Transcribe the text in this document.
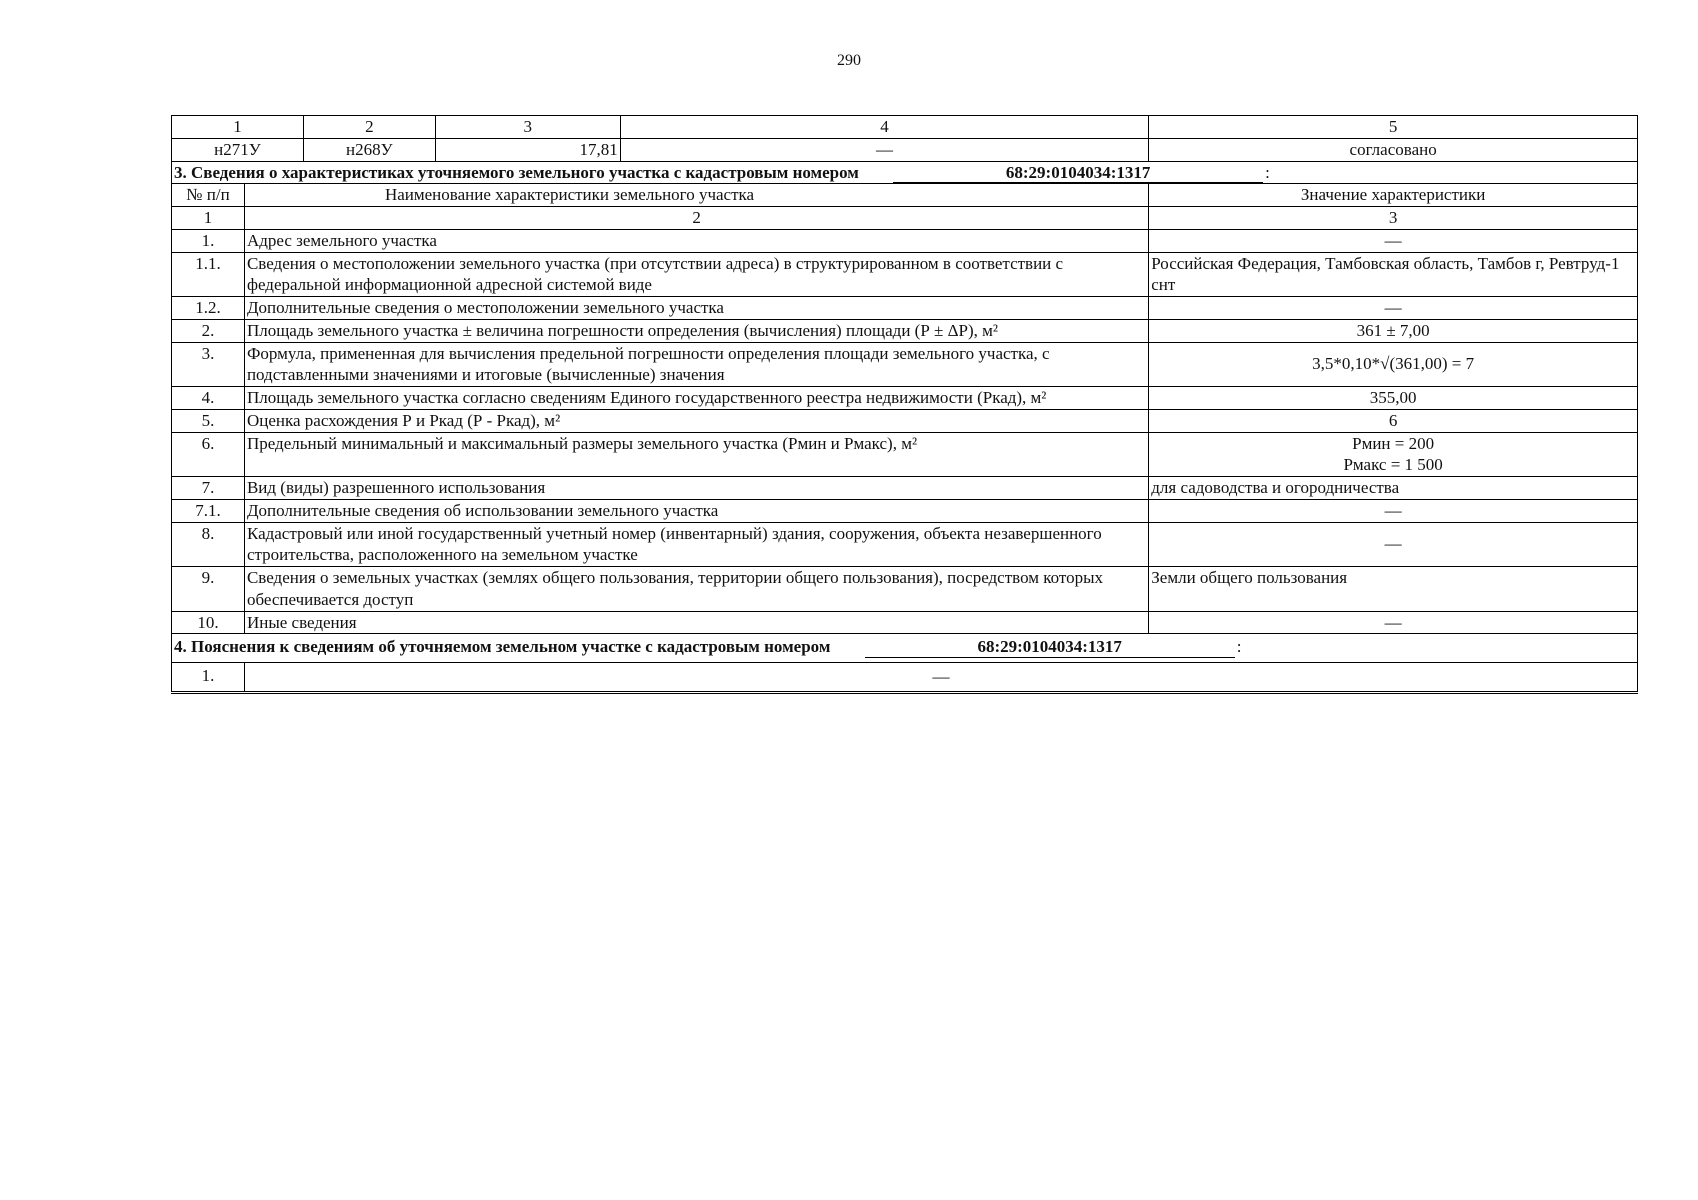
290
1		2	3	4	5
н271У		н268У	17,81	—	согласовано
3. Сведения о характеристиках уточняемого земельного участка с кадастровым номером 68:29:0104034:1317 :					
№ п/п	Наименование характеристики земельного участка				Значение характеристики
1	2				3
1.	Адрес земельного участка				—
1.1.	Сведения о местоположении земельного участка (при отсутствии адреса) в структурированном в соответствии с федеральной информационной адресной системой виде				Российская Федерация, Тамбовская область, Тамбов г, Ревтруд-1 снт
1.2.	Дополнительные сведения о местоположении земельного участка				—
2.	Площадь земельного участка ± величина погрешности определения (вычисления) площади (Р ± ΔР), м²				361 ± 7,00
3.	Формула, примененная для вычисления предельной погрешности определения площади земельного участка, с подставленными значениями и итоговые (вычисленные) значения				3,5*0,10*√(361,00) = 7
4.	Площадь земельного участка согласно сведениям Единого государственного реестра недвижимости (Ркад), м²				355,00
5.	Оценка расхождения Р и Ркад (Р - Ркад), м²				6
6.	Предельный минимальный и максимальный размеры земельного участка (Рмин и Рмакс), м²				Рмин = 200
Рмакс = 1 500

7.	Вид (виды) разрешенного использования				для садоводства и огородничества
7.1.	Дополнительные сведения об использовании земельного участка				—
8.	Кадастровый или иной государственный учетный номер (инвентарный) здания, сооружения, объекта незавершенного строительства, расположенного на земельном участке				—
9.	Сведения о земельных участках (землях общего пользования, территории общего пользования), посредством которых обеспечивается доступ				Земли общего пользования
10.	Иные сведения				—
4. Пояснения к сведениям об уточняемом земельном участке с кадастровым номером 68:29:0104034:1317 :					
1.	—				
